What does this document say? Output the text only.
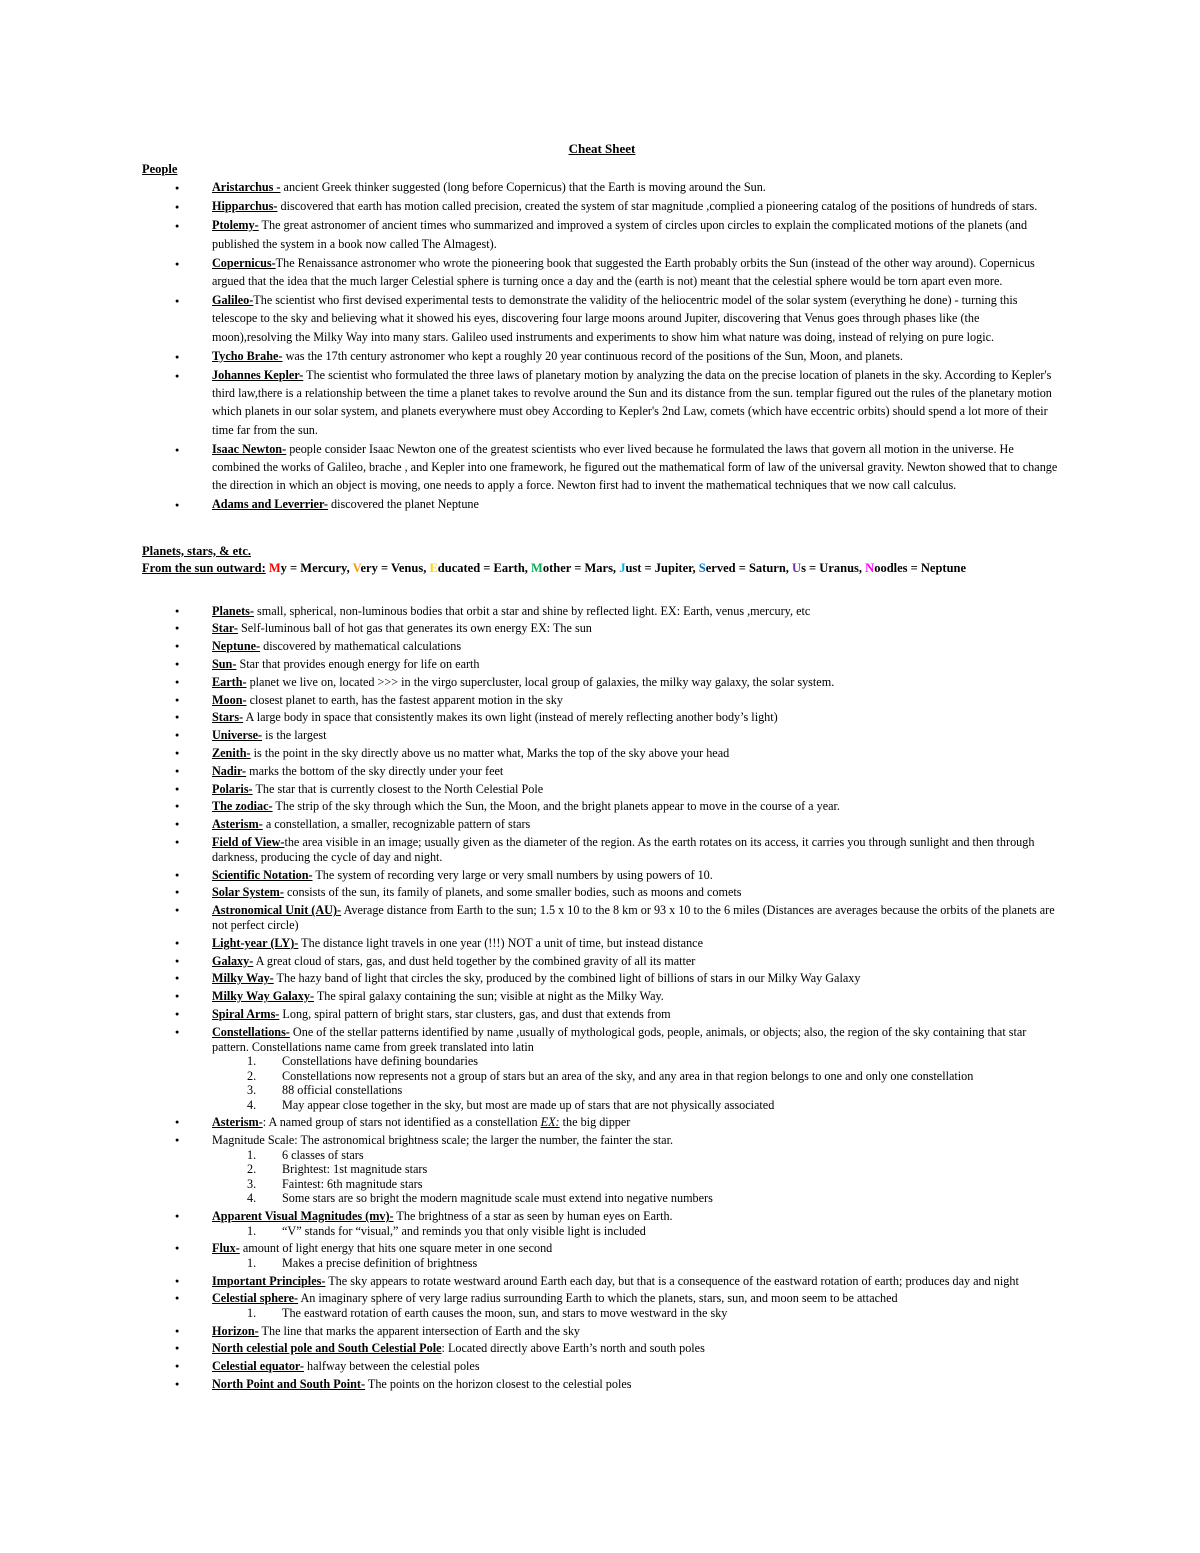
Cheat Sheet
People
● Aristarchus - ancient Greek thinker suggested (long before Copernicus) that the Earth is moving around the Sun.
● Hipparchus- discovered that earth has motion called precision, created the system of star magnitude ,complied a pioneering catalog of the positions of hundreds of stars.
● Ptolemy- The great astronomer of ancient times who summarized and improved a system of circles upon circles to explain the complicated motions of the planets (and published the system in a book now called The Almagest).
● Copernicus-The Renaissance astronomer who wrote the pioneering book that suggested the Earth probably orbits the Sun (instead of the other way around). Copernicus argued that the idea that the much larger Celestial sphere is turning once a day and the (earth is not) meant that the celestial sphere would be torn apart even more.
● Galileo-The scientist who first devised experimental tests to demonstrate the validity of the heliocentric model of the solar system (everything he done) - turning this telescope to the sky and believing what it showed his eyes, discovering four large moons around Jupiter, discovering that Venus goes through phases like (the moon),resolving the Milky Way into many stars. Galileo used instruments and experiments to show him what nature was doing, instead of relying on pure logic.
● Tycho Brahe- was the 17th century astronomer who kept a roughly 20 year continuous record of the positions of the Sun, Moon, and planets.
● Johannes Kepler- The scientist who formulated the three laws of planetary motion by analyzing the data on the precise location of planets in the sky. According to Kepler's third law,there is a relationship between the time a planet takes to revolve around the Sun and its distance from the sun. templar figured out the rules of the planetary motion which planets in our solar system, and planets everywhere must obey According to Kepler's 2nd Law, comets (which have eccentric orbits) should spend a lot more of their time far from the sun.
● Isaac Newton- people consider Isaac Newton one of the greatest scientists who ever lived because he formulated the laws that govern all motion in the universe. He combined the works of Galileo, brache , and Kepler into one framework, he figured out the mathematical form of law of the universal gravity. Newton showed that to change the direction in which an object is moving, one needs to apply a force. Newton first had to invent the mathematical techniques that we now call calculus.
● Adams and Leverrier- discovered the planet Neptune
Planets, stars, & etc.
From the sun outward: My = Mercury, Very = Venus, Educated = Earth, Mother = Mars, Just = Jupiter, Served = Saturn, Us = Uranus, Noodles = Neptune
● Planets- small, spherical, non-luminous bodies that orbit a star and shine by reflected light. EX: Earth, venus ,mercury, etc
● Star- Self-luminous ball of hot gas that generates its own energy EX: The sun
● Neptune- discovered by mathematical calculations
● Sun- Star that provides enough energy for life on earth
● Earth- planet we live on, located >>> in the virgo supercluster, local group of galaxies, the milky way galaxy, the solar system.
● Moon- closest planet to earth, has the fastest apparent motion in the sky
● Stars- A large body in space that consistently makes its own light (instead of merely reflecting another body’s light)
● Universe- is the largest
● Zenith- is the point in the sky directly above us no matter what, Marks the top of the sky above your head
● Nadir- marks the bottom of the sky directly under your feet
● Polaris- The star that is currently closest to the North Celestial Pole
● The zodiac- The strip of the sky through which the Sun, the Moon, and the bright planets appear to move in the course of a year.
● Asterism- a constellation, a smaller, recognizable pattern of stars
● Field of View-the area visible in an image; usually given as the diameter of the region. As the earth rotates on its access, it carries you through sunlight and then through darkness, producing the cycle of day and night.
● Scientific Notation- The system of recording very large or very small numbers by using powers of 10.
● Solar System- consists of the sun, its family of planets, and some smaller bodies, such as moons and comets
● Astronomical Unit (AU)- Average distance from Earth to the sun; 1.5 x 10 to the 8 km or 93 x 10 to the 6 miles (Distances are averages because the orbits of the planets are not perfect circle)
● Light-year (LY)- The distance light travels in one year (!!!) NOT a unit of time, but instead distance
● Galaxy- A great cloud of stars, gas, and dust held together by the combined gravity of all its matter
● Milky Way- The hazy band of light that circles the sky, produced by the combined light of billions of stars in our Milky Way Galaxy
● Milky Way Galaxy- The spiral galaxy containing the sun; visible at night as the Milky Way.
● Spiral Arms- Long, spiral pattern of bright stars, star clusters, gas, and dust that extends from
● Constellations- One of the stellar patterns identified by name ,usually of mythological gods, people, animals, or objects; also, the region of the sky containing that star pattern. Constellations name came from greek translated into latin
Constellations have defining boundaries
Constellations now represents not a group of stars but an area of the sky, and any area in that region belongs to one and only one constellation
88 official constellations
May appear close together in the sky, but most are made up of stars that are not physically associated
● Asterism-: A named group of stars not identified as a constellation EX: the big dipper
● Magnitude Scale: The astronomical brightness scale; the larger the number, the fainter the star.
6 classes of stars
Brightest: 1st magnitude stars
Faintest: 6th magnitude stars
Some stars are so bright the modern magnitude scale must extend into negative numbers
● Apparent Visual Magnitudes (mv)- The brightness of a star as seen by human eyes on Earth.
“V” stands for “visual,” and reminds you that only visible light is included
● Flux- amount of light energy that hits one square meter in one second
Makes a precise definition of brightness
● Important Principles- The sky appears to rotate westward around Earth each day, but that is a consequence of the eastward rotation of earth; produces day and night
● Celestial sphere- An imaginary sphere of very large radius surrounding Earth to which the planets, stars, sun, and moon seem to be attached
The eastward rotation of earth causes the moon, sun, and stars to move westward in the sky
● Horizon- The line that marks the apparent intersection of Earth and the sky
● North celestial pole and South Celestial Pole: Located directly above Earth’s north and south poles
● Celestial equator- halfway between the celestial poles
● North Point and South Point- The points on the horizon closest to the celestial poles
